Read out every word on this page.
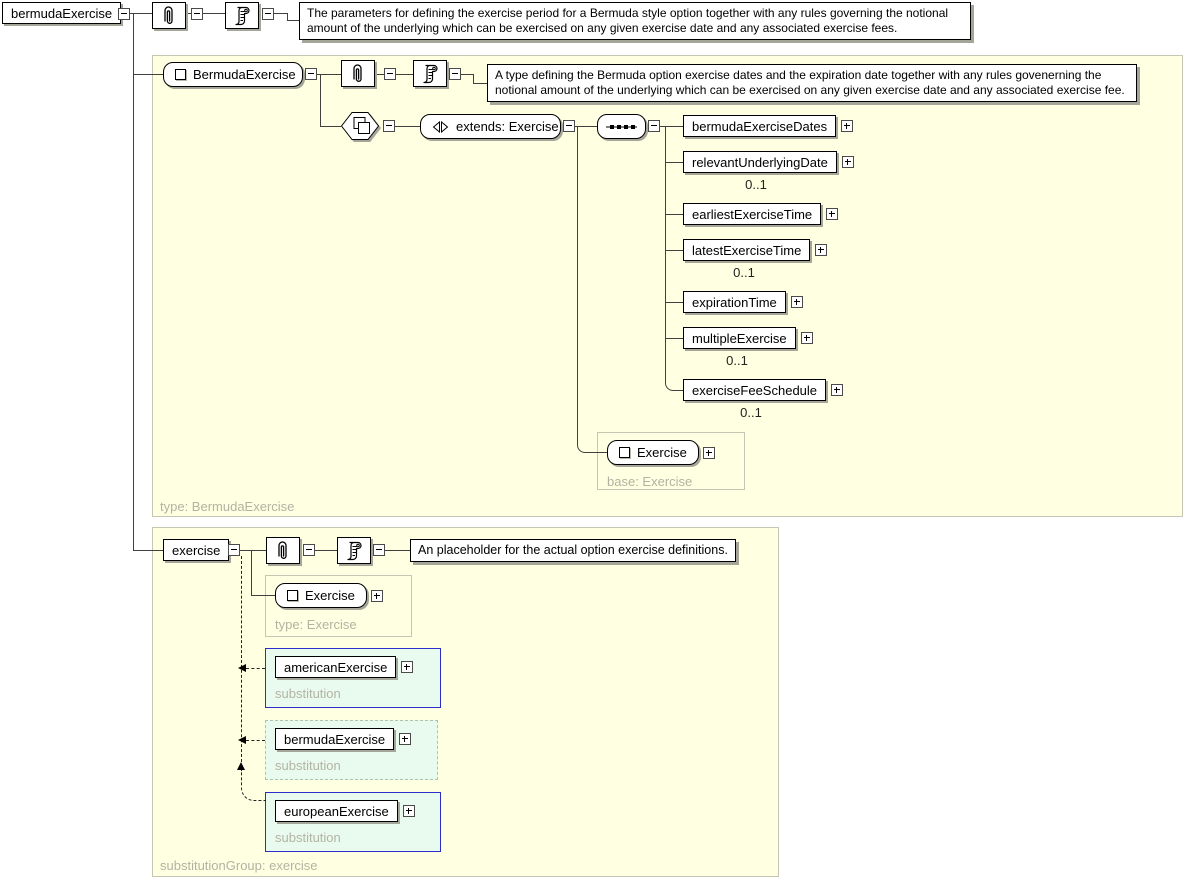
bermudaExercise	The parameters for defining the exercise period for a Bermuda style option together with any rules governing the notional amount of the underlying which can be exercised on any given exercise date and any associated exercise fees.
BermudaExercise	A type defining the Bermuda option exercise dates and the expiration date together with any rules govenerning the notional amount of the underlying which can be exercised on any given exercise date and any associated exercise fee.
extends: Exercise	bermudaExerciseDates
relevantUnderlyingDate
0..1
earliestExerciseTime
latestExerciseTime
0..1
expirationTime
multipleExercise
0..1
exerciseFeeSchedule
0..1
Exercise
base: Exercise
type: BermudaExercise
exercise	An placeholder for the actual option exercise definitions.
Exercise
type: Exercise
americanExercise
substitution
bermudaExercise
substitution
europeanExercise
substitution
substitutionGroup: exercise
